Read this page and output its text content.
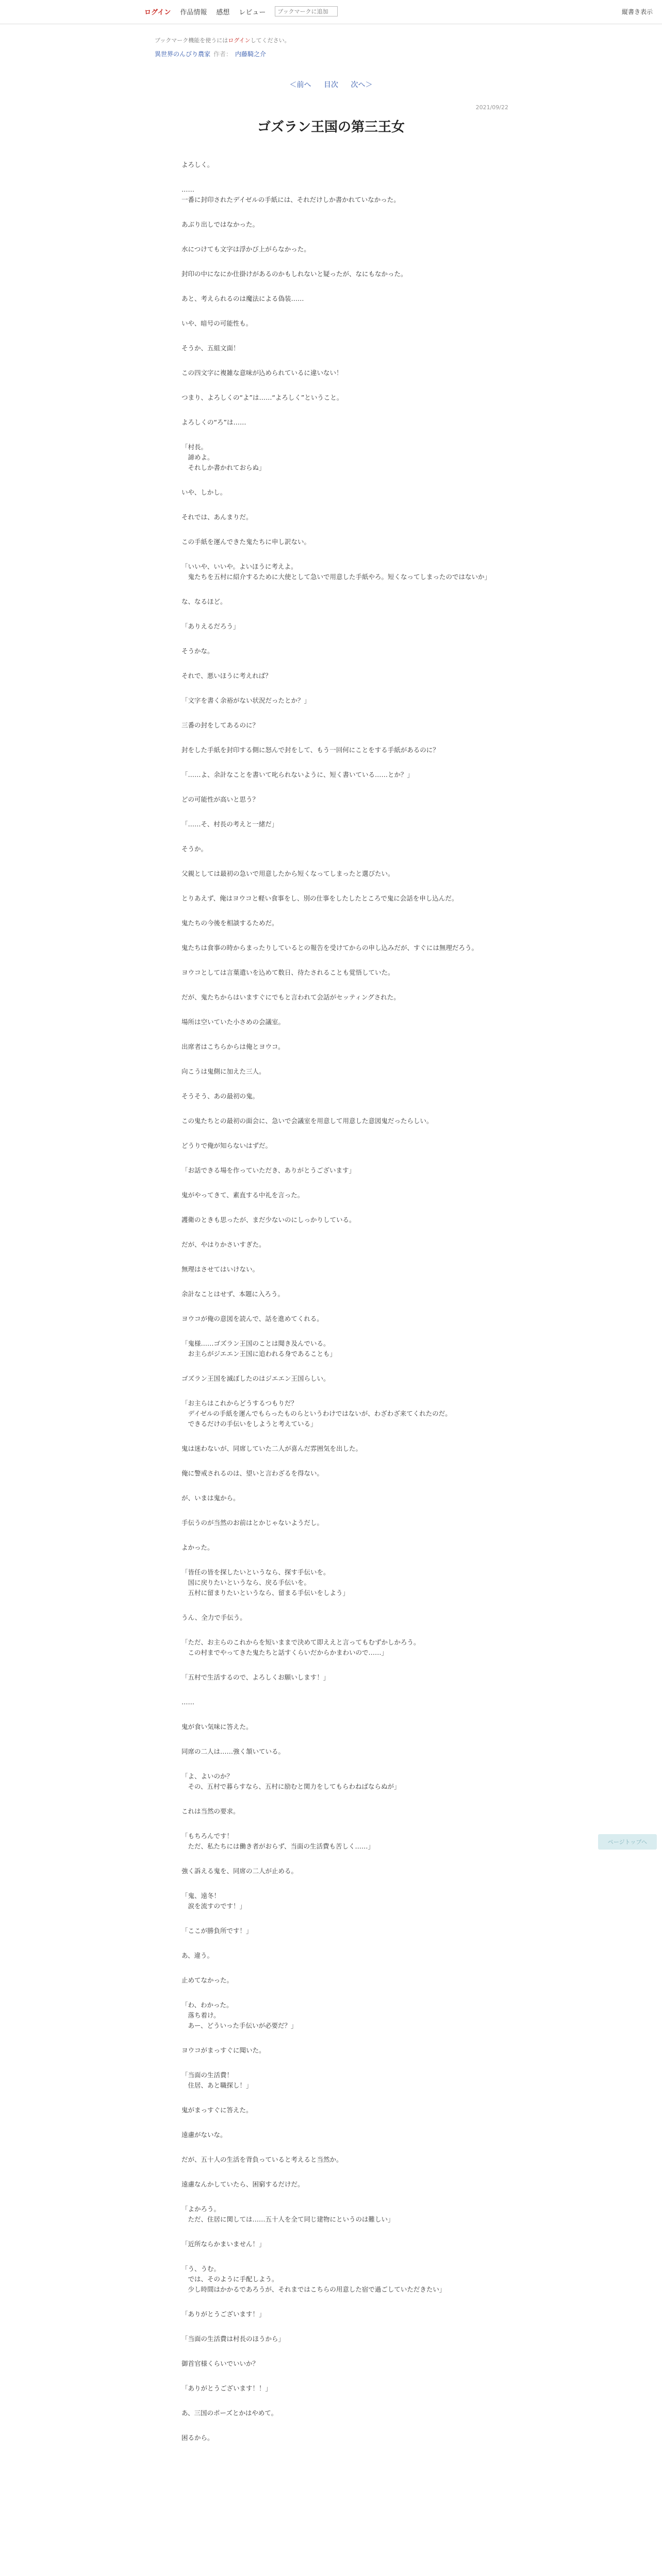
ログイン 作品情報 感想 レビュー
ブックマークに追加	縦書き表示
ブックマーク機能を使うにはログインしてください。
異世界のんびり農家 作者： 内藤騎之介
＜前へ 目次 次へ＞
2021/09/22
ゴズラン王国の第三王女

よろしく。

……
一番に封印されたデイゼルの手紙には、それだけしか書かれていなかった。

あぶり出しではなかった。

水につけても文字は浮かび上がらなかった。

封印の中になにか仕掛けがあるのかもしれないと疑ったが、なにもなかった。

あと、考えられるのは魔法による偽装……

いや、暗号の可能性も。

そうか、五組文面！

この四文字に複雑な意味が込められているに違いない！

つまり、よろしくの“よ”は……“よろしく”ということ。

よろしくの“ろ”は……

「村長。
　諦めよ。
　それしか書かれておらぬ」

いや、しかし。

それでは、あんまりだ。

この手紙を運んできた鬼たちに申し訳ない。

「いいや、いいや。よいほうに考えよ。
　鬼たちを五村に紹介するために大使として急いで用意した手紙やろ。短くなってしまったのではないか」

な、なるほど。

「ありえるだろう」

そうかな。

それで、悪いほうに考えれば？

「文字を書く余裕がない状況だったとか？」

三番の封をしてあるのに？

封をした手紙を封印する側に怒んで封をして、もう一回何にことをする手紙があるのに？

「……よ、余計なことを書いて叱られないように、短く書いている……とか？」

どの可能性が高いと思う？

「……そ、村長の考えと一緒だ」

そうか。

父親としては最初の急いで用意したから短くなってしまったと選びたい。

とりあえず、俺はヨウコと軽い食事をし、別の仕事をしたしたところで鬼に会話を申し込んだ。

鬼たちの今後を相談するためだ。

鬼たちは食事の時からまったりしているとの報告を受けてからの申し込みだが、すぐには無理だろう。

ヨウコとしては言葉遣いを込めて数日、待たされることも覚悟していた。

だが、鬼たちからはいますぐにでもと言われて会話がセッティングされた。

場所は空いていた小さめの会議室。

出席者はこちらからは俺とヨウコ。

向こうは鬼側に加えた三人。

そうそう、あの最初の鬼。

この鬼たちとの最初の面会に、急いで会議室を用意して用意した意図鬼だったらしい。

どうりで俺が知らないはずだ。

「お話できる場を作っていただき、ありがとうございます」

鬼がやってきて、素直する中礼を言った。

護衛のときも思ったが、まだ少ないのにしっかりしている。

だが、やはりかさいすぎた。

無理はさせてはいけない。

余計なことはせず、本題に入ろう。

ヨウコが俺の意図を読んで、話を進めてくれる。

「鬼様……ゴズラン王国のことは聞き及んでいる。
　お主らがジエエン王国に追われる身であることも」

ゴズラン王国を滅ぼしたのはジエエン王国らしい。

「お主らはこれからどうするつもりだ？
　デイゼルの手紙を運んでもらったものらというわけではないが、わざわざ来てくれたのだ。
　できるだけの手伝いをしようと考えている」

鬼は迷わないが、同席していた二人が喜んだ雰囲気を出した。

俺に警戒されるのは、望いと言わざるを得ない。

が、いまは鬼から。

手伝うのが当然のお前はとかじゃないようだし。

よかった。

「皆任の皆を探したいというなら、探す手伝いを。
　国に戻りたいというなら、戻る手伝いを。
　五村に留まりたいというなら、留まる手伝いをしよう」

うん、全力で手伝う。

「ただ、お主らのこれからを短いままで決めて即ええと言ってもむずかしかろう。
　この村までやってきた鬼たちと話すくらいだからかまわいので……」

「五村で生活するので、よろしくお願いします！」

……

鬼が食い気味に答えた。

同席の二人は……強く頷いている。

「よ、よいのか？
　その、五村で暮らすなら、五村に励むと関力をしてもらわねばならぬが」

これは当然の要求。

「もちろんです！
　ただ、私たちには働き者がおらず、当面の生活費も苦しく……」

強く訴える鬼を、同席の二人が止める。

「鬼、遠冬！
　涙を流すのです！」

「ここが勝負所です！」

あ、違う。

止めてなかった。

「わ、わかった。
　落ち着け。
　あー、どういった手伝いが必要だ？」

ヨウコがまっすぐに聞いた。

「当面の生活費！
　住居、あと職探し！」

鬼がまっすぐに答えた。

遠慮がないな。

だが、五十人の生活を背負っていると考えると当然か。

遠慮なんかしていたら、困窮するだけだ。

「よかろう。
　ただ、住居に関しては……五十人を全て同じ建物にというのは難しい」

「近所ならかまいません！」

「う、うむ。
　では、そのように手配しよう。
　少し時間はかかるであろうが、それまではこちらの用意した宿で過ごしていただきたい」

「ありがとうございます！」

「当面の生活費は村長のほうから」

御首官様くらいでいいか？

「ありがとうございます！！」

あ、三国のポーズとかはやめて。

困るから。

ページトップへ
